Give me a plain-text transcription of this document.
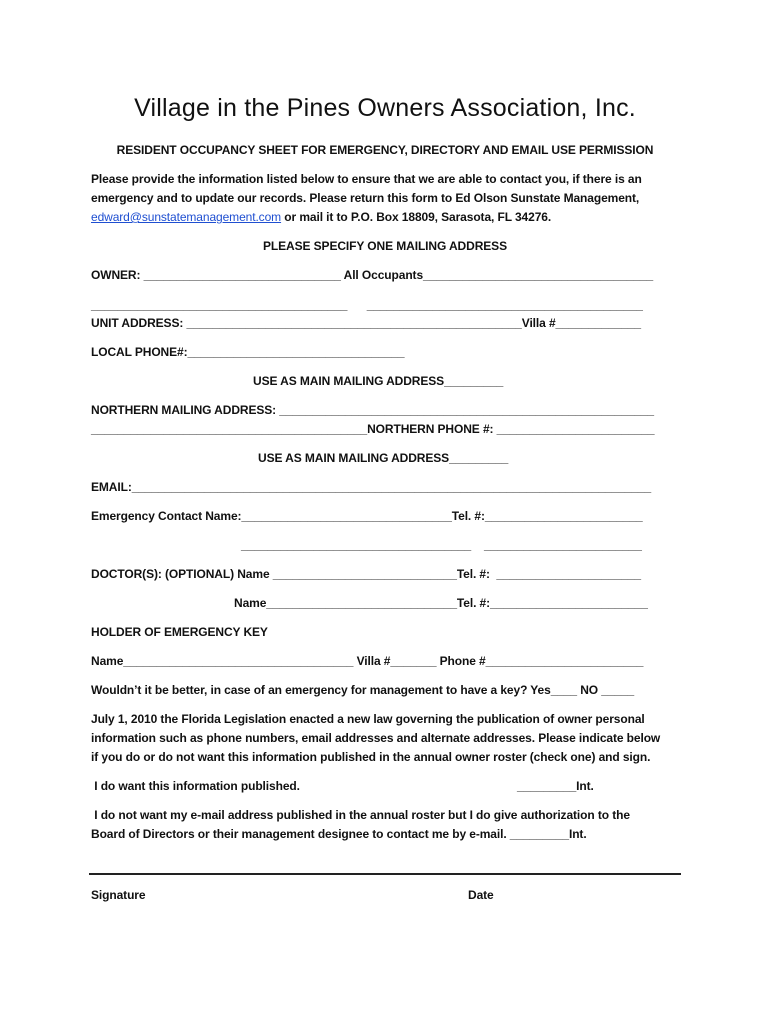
Village in the Pines Owners Association, Inc.
RESIDENT OCCUPANCY SHEET FOR EMERGENCY, DIRECTORY AND EMAIL USE PERMISSION
Please provide the information listed below to ensure that we are able to contact you, if there is an
emergency and to update our records. Please return this form to Ed Olson Sunstate Management,
edward@sunstatemanagement.com or mail it to P.O. Box 18809, Sarasota, FL 34276.
PLEASE SPECIFY ONE MAILING ADDRESS
OWNER: ______________________________ All Occupants___________________________________
_______________________________________      __________________________________________
UNIT ADDRESS: ___________________________________________________Villa #_____________
LOCAL PHONE#:_________________________________
USE AS MAIN MAILING ADDRESS_________
NORTHERN MAILING ADDRESS: _________________________________________________________
__________________________________________NORTHERN PHONE #: ________________________
USE AS MAIN MAILING ADDRESS_________
EMAIL:_______________________________________________________________________________
Emergency Contact Name:________________________________Tel. #:________________________
___________________________________    ________________________
DOCTOR(S): (OPTIONAL) Name ____________________________Tel. #:  ______________________
Name_____________________________Tel. #:________________________
HOLDER OF EMERGENCY KEY
Name___________________________________ Villa #_______ Phone #________________________
Wouldn’t it be better, in case of an emergency for management to have a key? Yes____ NO _____
July 1, 2010 the Florida Legislation enacted a new law governing the publication of owner personal
information such as phone numbers, email addresses and alternate addresses. Please indicate below
if you do or do not want this information published in the annual owner roster (check one) and sign.
I do want this information published.	_________Int.
I do not want my e-mail address published in the annual roster but I do give authorization to the
Board of Directors or their management designee to contact me by e-mail. _________Int.
Signature	Date
